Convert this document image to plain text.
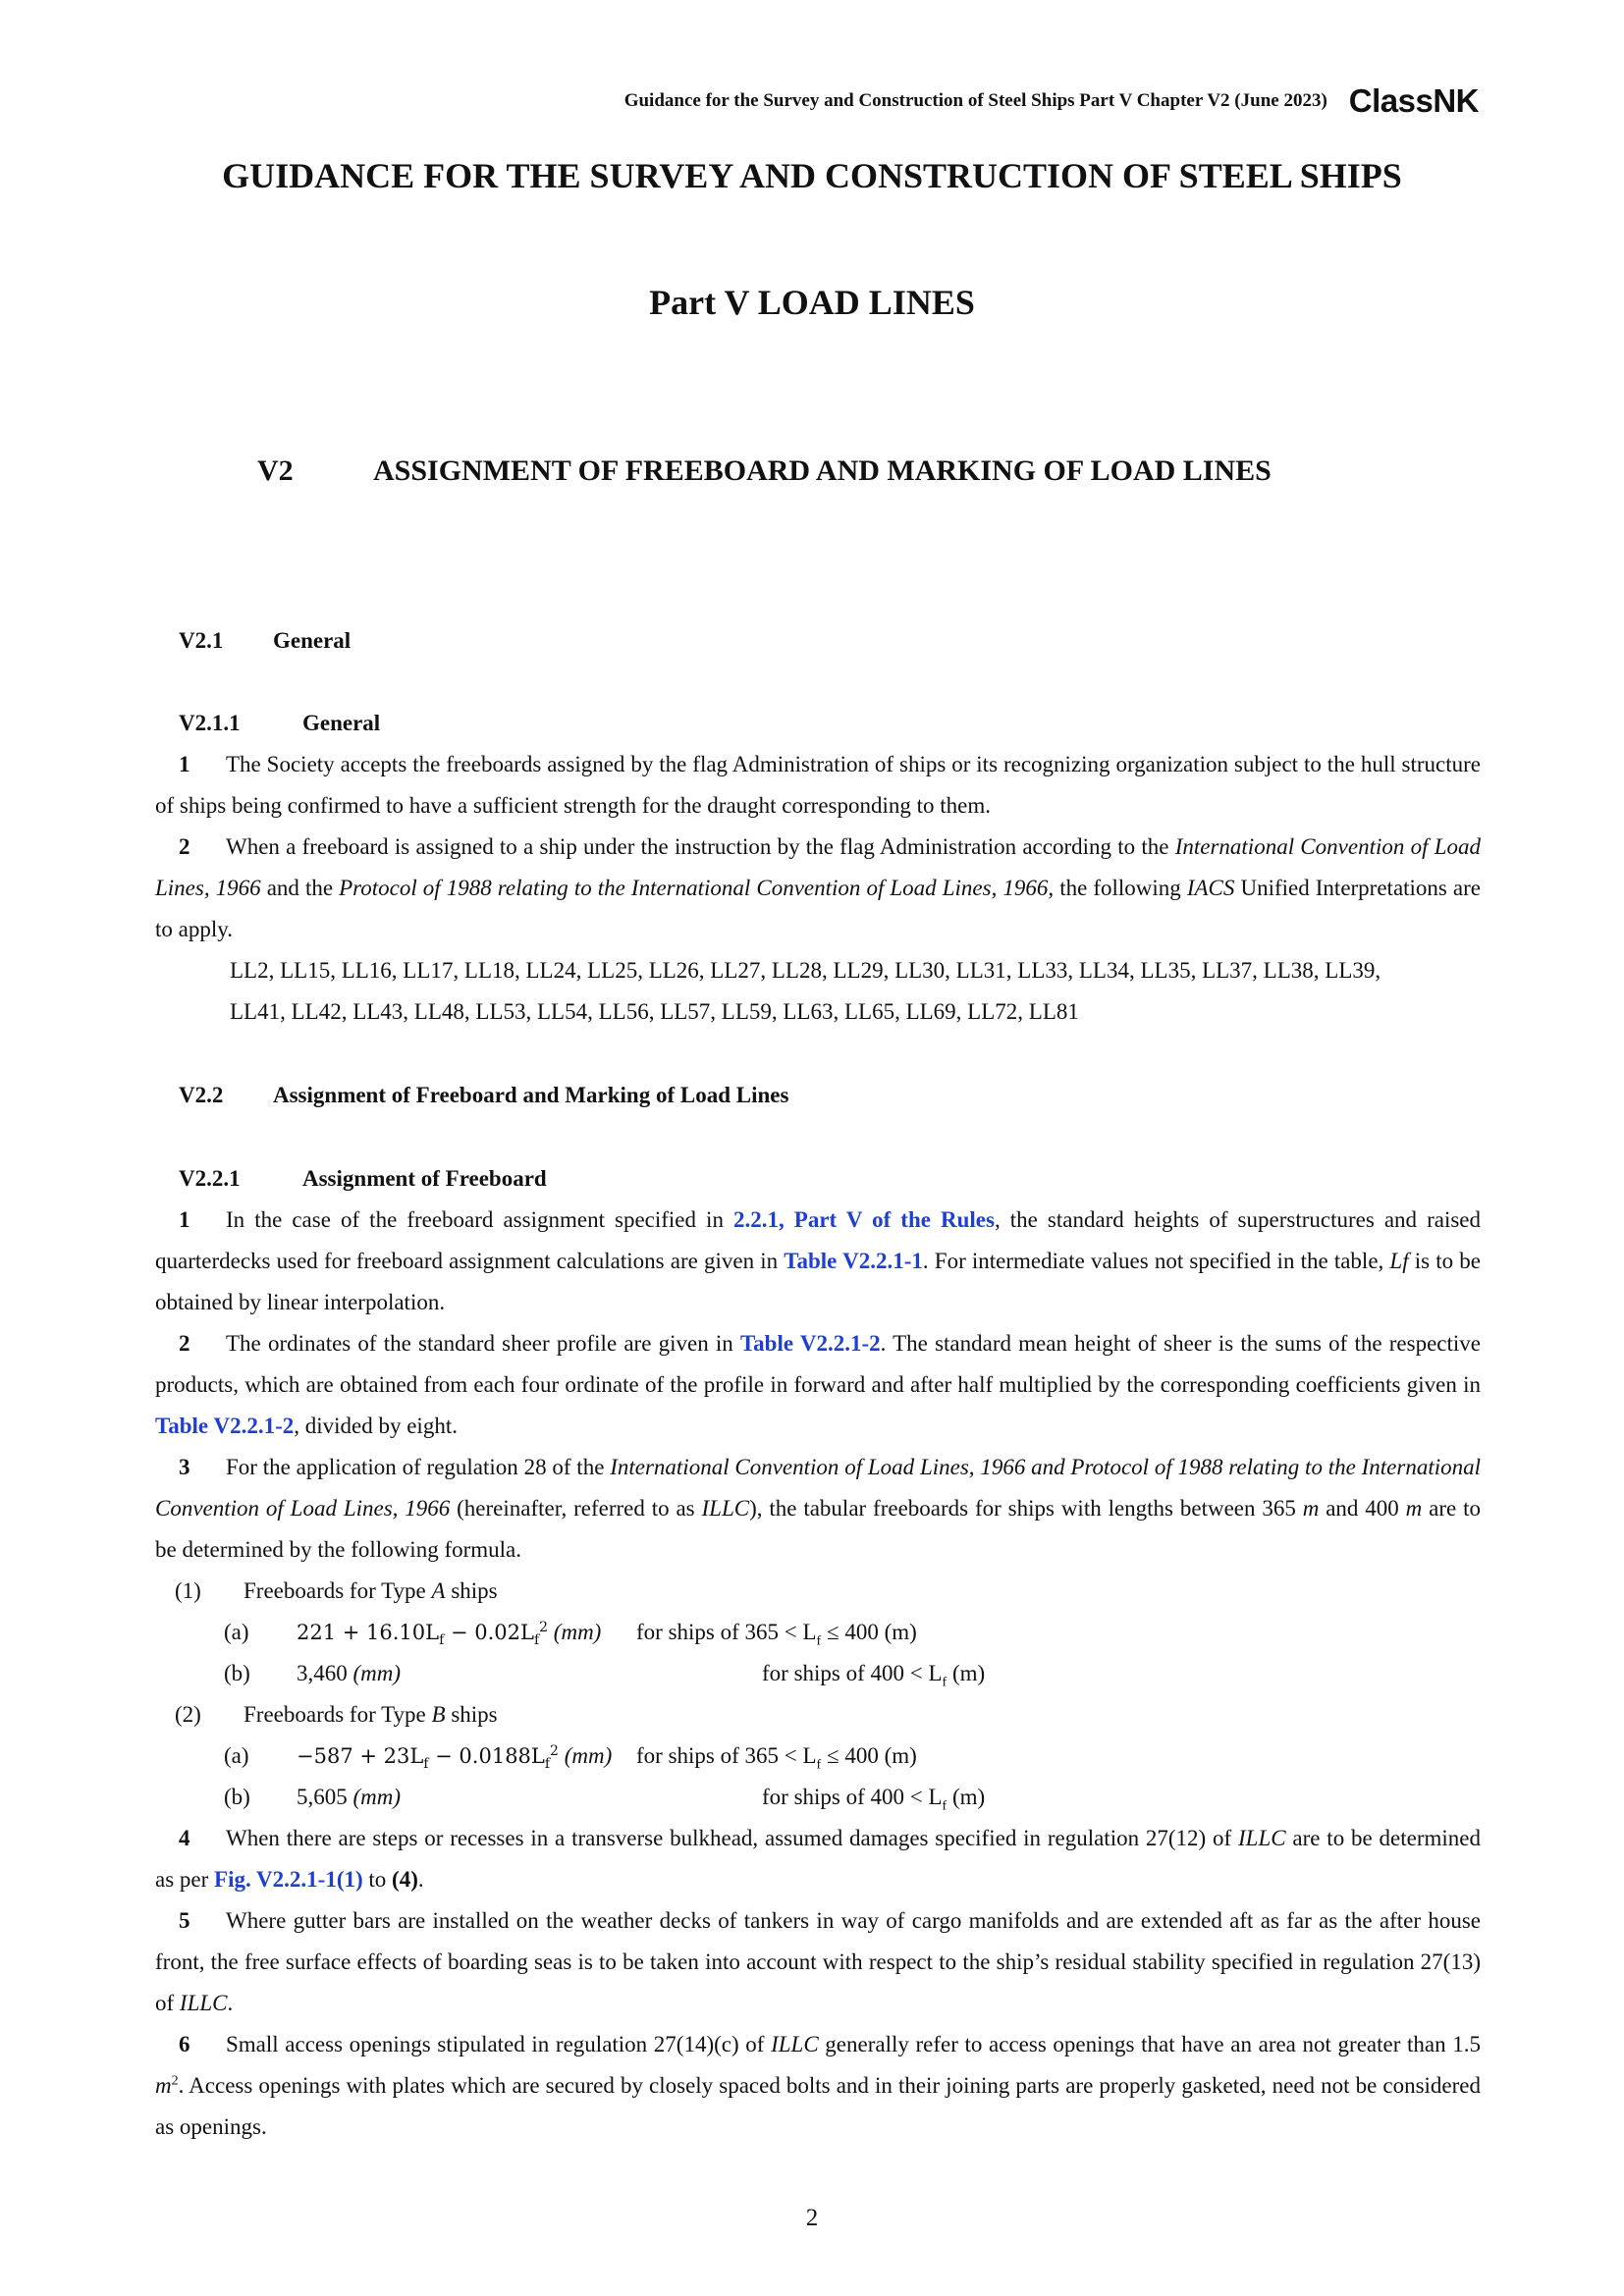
Guidance for the Survey and Construction of Steel Ships Part V Chapter V2 (June 2023) ClassNK
GUIDANCE FOR THE SURVEY AND CONSTRUCTION OF STEEL SHIPS
Part V LOAD LINES
V2	ASSIGNMENT OF FREEBOARD AND MARKING OF LOAD LINES
V2.1	General
V2.1.1	General
1 The Society accepts the freeboards assigned by the flag Administration of ships or its recognizing organization subject to the hull structure of ships being confirmed to have a sufficient strength for the draught corresponding to them.
2 When a freeboard is assigned to a ship under the instruction by the flag Administration according to the International Convention of Load Lines, 1966 and the Protocol of 1988 relating to the International Convention of Load Lines, 1966, the following IACS Unified Interpretations are to apply.
LL2, LL15, LL16, LL17, LL18, LL24, LL25, LL26, LL27, LL28, LL29, LL30, LL31, LL33, LL34, LL35, LL37, LL38, LL39,
LL41, LL42, LL43, LL48, LL53, LL54, LL56, LL57, LL59, LL63, LL65, LL69, LL72, LL81
V2.2	Assignment of Freeboard and Marking of Load Lines
V2.2.1	Assignment of Freeboard
1 In the case of the freeboard assignment specified in 2.2.1, Part V of the Rules, the standard heights of superstructures and raised quarterdecks used for freeboard assignment calculations are given in Table V2.2.1-1. For intermediate values not specified in the table, Lf is to be obtained by linear interpolation.
2 The ordinates of the standard sheer profile are given in Table V2.2.1-2. The standard mean height of sheer is the sums of the respective products, which are obtained from each four ordinate of the profile in forward and after half multiplied by the corresponding coefficients given in Table V2.2.1-2, divided by eight.
3 For the application of regulation 28 of the International Convention of Load Lines, 1966 and Protocol of 1988 relating to the International Convention of Load Lines, 1966 (hereinafter, referred to as ILLC), the tabular freeboards for ships with lengths between 365 m and 400 m are to be determined by the following formula.
(1)	Freeboards for Type A ships
(a)	$221 + 16.10L_f - 0.02L_f^2$ (mm)	for ships of $365 < L_f \le 400$ (m)
(b)	3,460 (mm)	for ships of $400 < L_f$ (m)
(2)	Freeboards for Type B ships
(a)	$-587 + 23L_f - 0.0188L_f^2$ (mm)	for ships of $365 < L_f \le 400$ (m)
(b)	5,605 (mm)	for ships of $400 < L_f$ (m)
4 When there are steps or recesses in a transverse bulkhead, assumed damages specified in regulation 27(12) of ILLC are to be determined as per Fig. V2.2.1-1(1) to (4).
5 Where gutter bars are installed on the weather decks of tankers in way of cargo manifolds and are extended aft as far as the after house front, the free surface effects of boarding seas is to be taken into account with respect to the ship’s residual stability specified in regulation 27(13) of ILLC.
6 Small access openings stipulated in regulation 27(14)(c) of ILLC generally refer to access openings that have an area not greater than 1.5 $m^2$. Access openings with plates which are secured by closely spaced bolts and in their joining parts are properly gasketed, need not be considered as openings.
2
